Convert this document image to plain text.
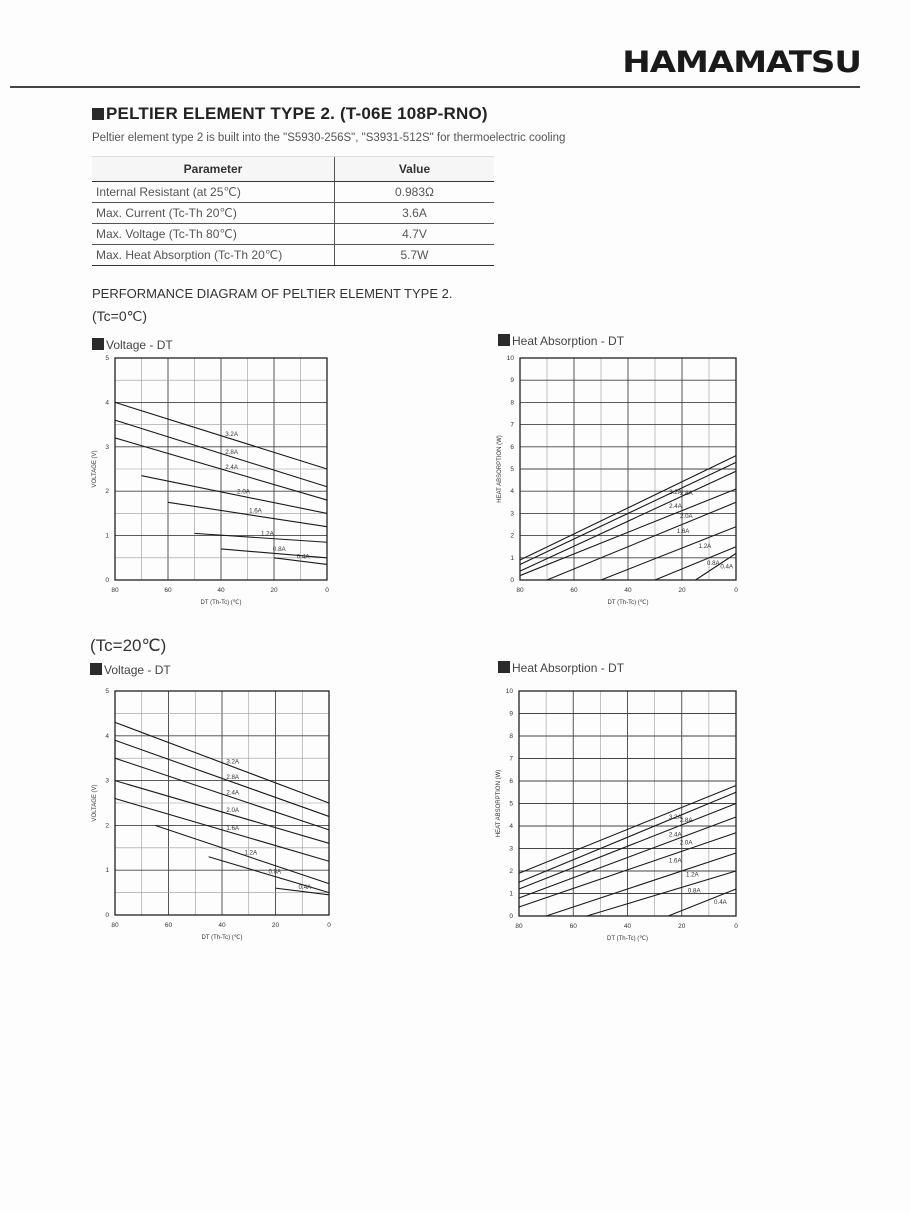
HAMAMATSU
PELTIER ELEMENT TYPE 2. (T-06E 108P-RNO)
Peltier element type 2 is built into the "S5930-256S", "S3931-512S" for thermoelectric cooling
Parameter	Value
Internal Resistant (at 25℃)	0.983Ω
Max. Current (Tc-Th 20℃)	3.6A
Max. Voltage (Tc-Th 80℃)	4.7V
Max. Heat Absorption (Tc-Th 20℃)	5.7W
PERFORMANCE DIAGRAM OF PELTIER ELEMENT TYPE 2.
(Tc=0℃)
(Tc=20℃)
Voltage - DT	Heat Absorption - DT
Voltage - DT	Heat Absorption - DT
80	60	40	20	0
0
1
2
3
4
5
DT (Th-Tc) (℃)
VOLTAGE (V)
3.2A
2.8A
2.4A
2.0A
1.6A
1.2A
0.8A
0.4A
80	60	40	20	0
0
1
2
3
4
5
6
7
8
9
10
DT (Th-Tc) (℃)
HEAT ABSORPTION (W)	3.2A
2.8A
2.4A
2.0A
1.6A
1.2A
0.8A 0.4A
80	60	40	20	0
0
1
2
3
4
5
DT (Th-Tc) (℃)
VOLTAGE (V)
3.2A
2.8A
2.4A
2.0A
1.6A
1.2A
0.8A
0.4A
80	60	40	20	0
0
1
2
3
4
5
6
7
8
9
10
DT (Th-Tc) (℃)
HEAT ABSORPTION (W)	3.2A
2.8A
2.4A
2.0A
1.6A
1.2A
0.8A
0.4A
